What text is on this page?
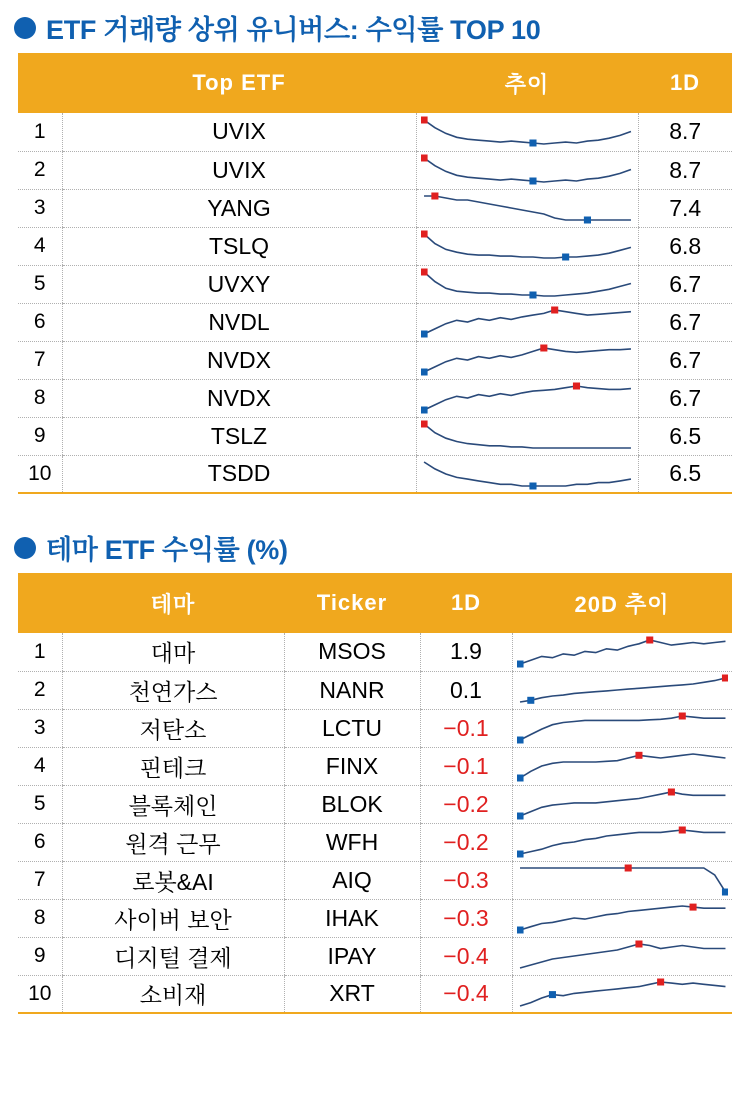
ETF 거래량 상위 유니버스: 수익률 TOP 10
	Top ETF	추이	1D
1	UVIX		8.7
2	UVIX		8.7
3	YANG		7.4
4	TSLQ		6.8
5	UVXY		6.7
6	NVDL		6.7
7	NVDX		6.7
8	NVDX		6.7
9	TSLZ		6.5
10	TSDD		6.5
테마 ETF 수익률 (%)
	테마	Ticker	1D	20D 추이
1	대마	MSOS	1.9	

2	천연가스	NANR	0.1	

3	저탄소	LCTU	−0.1	

4	핀테크	FINX	−0.1	

5	블록체인	BLOK	−0.2	

6	원격 근무	WFH	−0.2	

7	로봇&AI	AIQ	−0.3	

8	사이버 보안	IHAK	−0.3	

9	디지털 결제	IPAY	−0.4	

10	소비재	XRT	−0.4	
